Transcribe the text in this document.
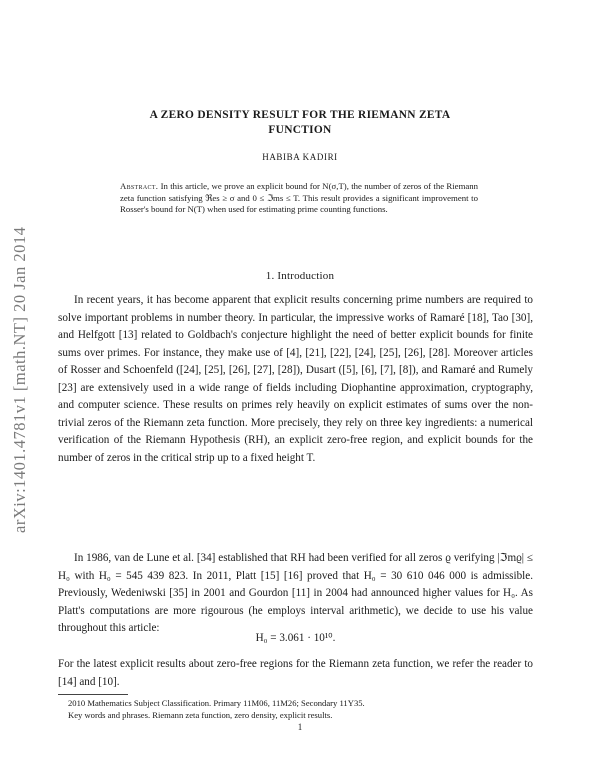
arXiv:1401.4781v1 [math.NT] 20 Jan 2014
A ZERO DENSITY RESULT FOR THE RIEMANN ZETA
FUNCTION
HABIBA KADIRI
Abstract. In this article, we prove an explicit bound for N(σ,T), the number of zeros of the Riemann zeta function satisfying ℜes ≥ σ and 0 ≤ ℑms ≤ T. This result provides a significant improvement to Rosser's bound for N(T) when used for estimating prime counting functions.
1. Introduction
In recent years, it has become apparent that explicit results concerning prime numbers are required to solve important problems in number theory. In particular, the impressive works of Ramaré [18], Tao [30], and Helfgott [13] related to Goldbach's conjecture highlight the need of better explicit bounds for finite sums over primes. For instance, they make use of [4], [21], [22], [24], [25], [26], [28]. Moreover articles of Rosser and Schoenfeld ([24], [25], [26], [27], [28]), Dusart ([5], [6], [7], [8]), and Ramaré and Rumely [23] are extensively used in a wide range of fields including Diophantine approximation, cryptography, and computer science. These results on primes rely heavily on explicit estimates of sums over the non-trivial zeros of the Riemann zeta function. More precisely, they rely on three key ingredients: a numerical verification of the Riemann Hypothesis (RH), an explicit zero-free region, and explicit bounds for the number of zeros in the critical strip up to a fixed height T.
In 1986, van de Lune et al. [34] established that RH had been verified for all zeros ϱ verifying |ℑmϱ| ≤ H₀ with H₀ = 545 439 823. In 2011, Platt [15] [16] proved that H₀ = 30 610 046 000 is admissible. Previously, Wedeniwski [35] in 2001 and Gourdon [11] in 2004 had announced higher values for H₀. As Platt's computations are more rigourous (he employs interval arithmetic), we decide to use his value throughout this article:
H₀ = 3.061 · 10¹⁰.
For the latest explicit results about zero-free regions for the Riemann zeta function, we refer the reader to [14] and [10].
2010 Mathematics Subject Classification. Primary 11M06, 11M26; Secondary 11Y35.
Key words and phrases. Riemann zeta function, zero density, explicit results.
1
